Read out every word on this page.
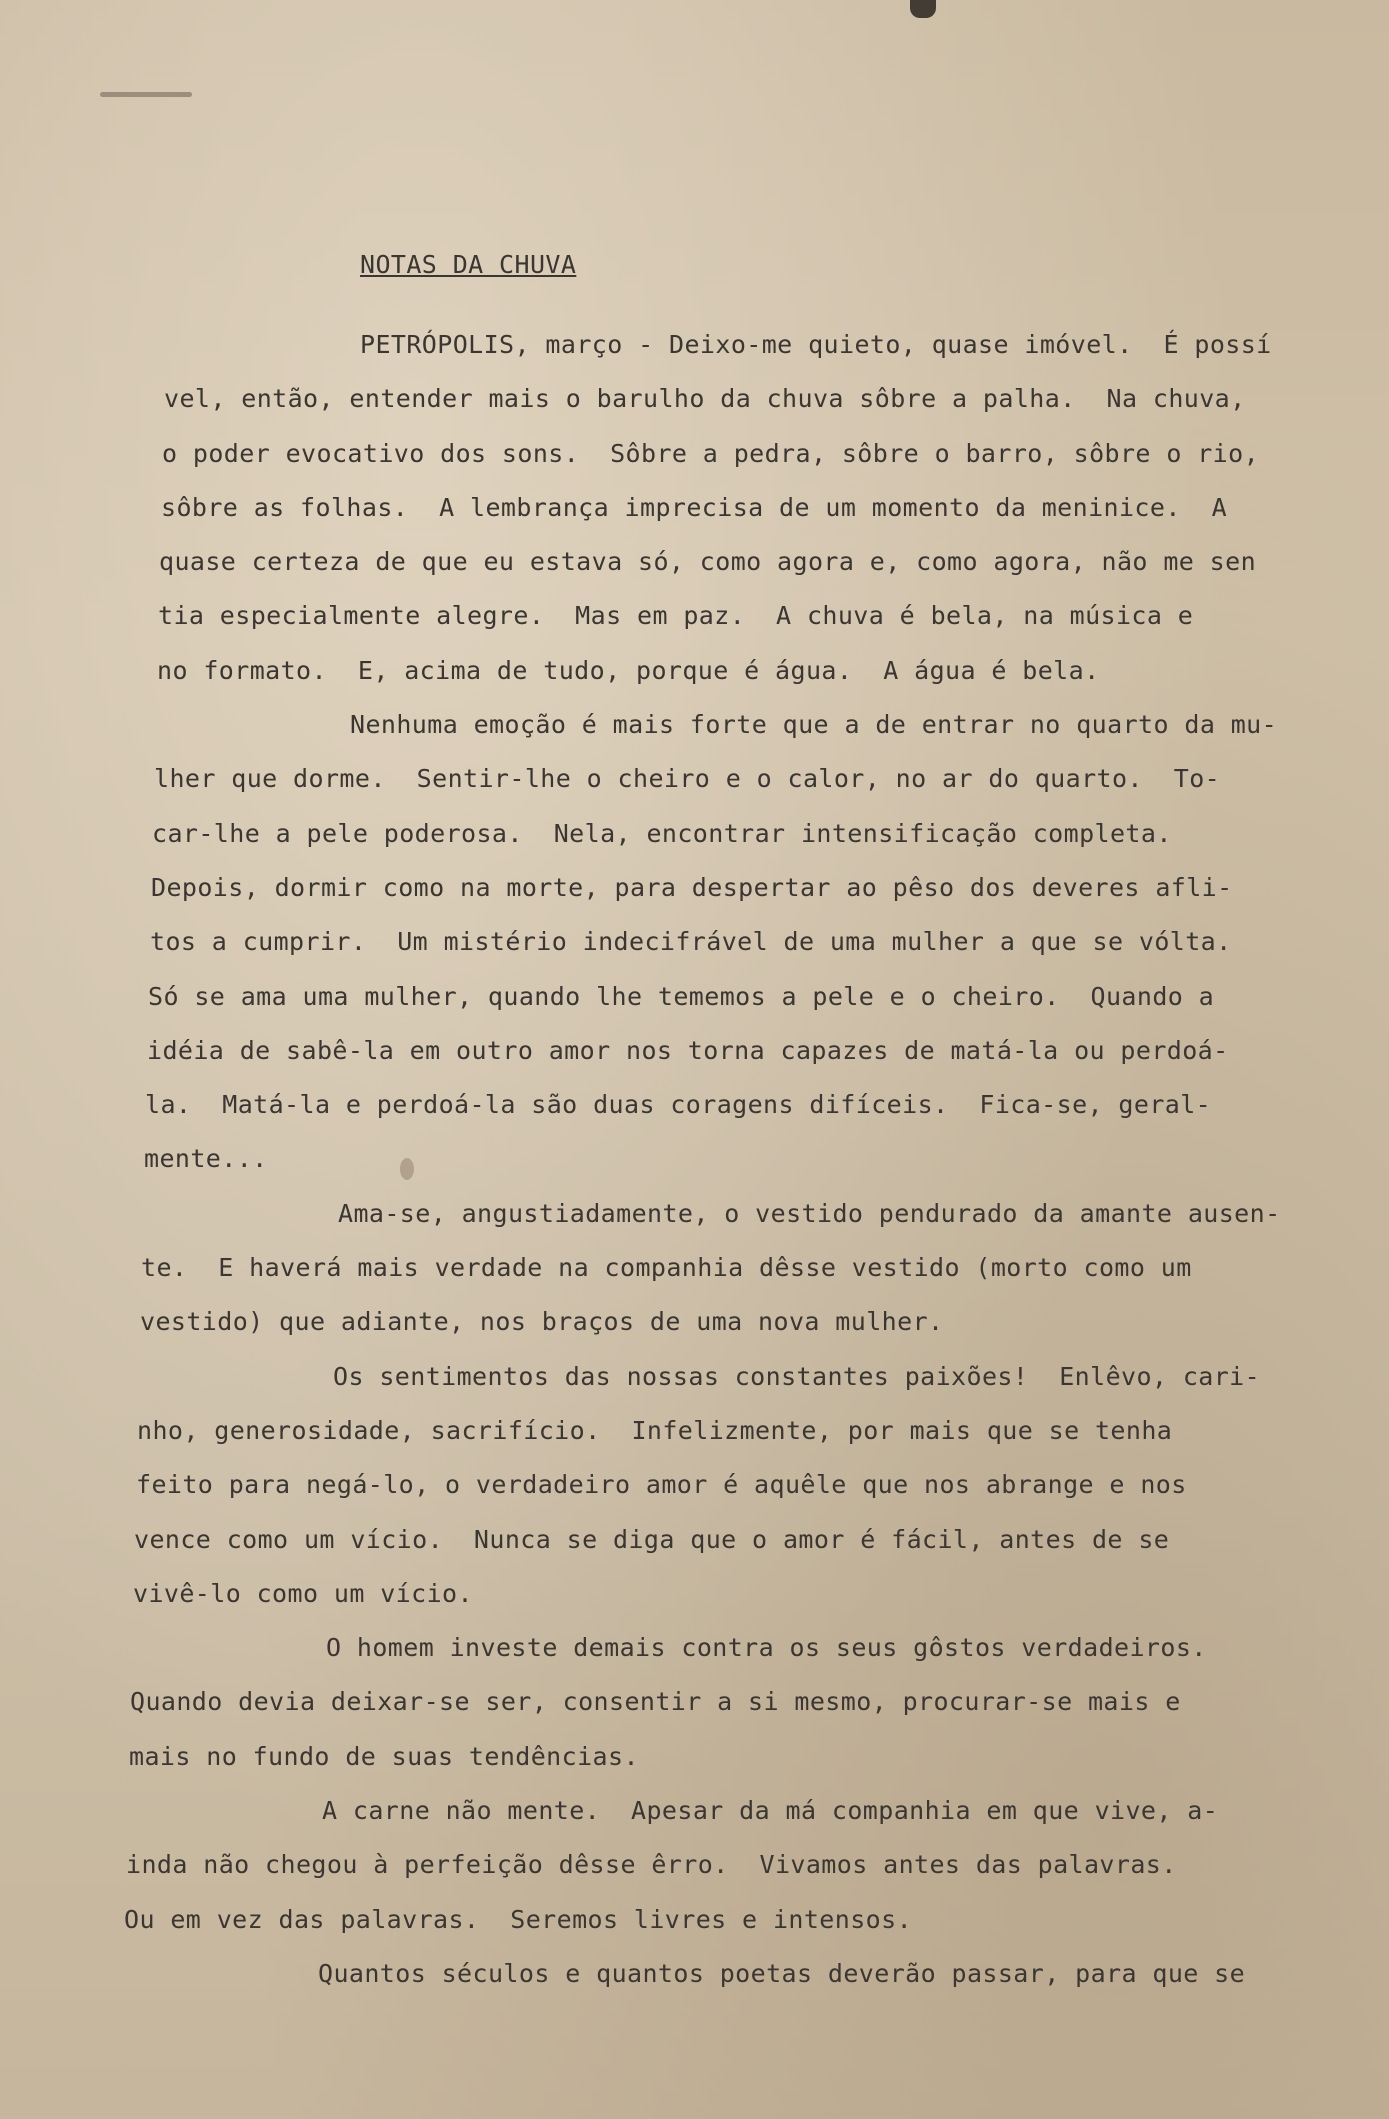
NOTAS DA CHUVA
PETRÓPOLIS, março - Deixo-me quieto, quase imóvel.  É possí
vel, então, entender mais o barulho da chuva sôbre a palha.  Na chuva,
o poder evocativo dos sons.  Sôbre a pedra, sôbre o barro, sôbre o rio,
sôbre as folhas.  A lembrança imprecisa de um momento da meninice.  A
quase certeza de que eu estava só, como agora e, como agora, não me sen
tia especialmente alegre.  Mas em paz.  A chuva é bela, na música e
no formato.  E, acima de tudo, porque é água.  A água é bela.
Nenhuma emoção é mais forte que a de entrar no quarto da mu-
lher que dorme.  Sentir-lhe o cheiro e o calor, no ar do quarto.  To-
car-lhe a pele poderosa.  Nela, encontrar intensificação completa.
Depois, dormir como na morte, para despertar ao pêso dos deveres afli-
tos a cumprir.  Um mistério indecifrável de uma mulher a que se vólta.
Só se ama uma mulher, quando lhe tememos a pele e o cheiro.  Quando a
idéia de sabê-la em outro amor nos torna capazes de matá-la ou perdoá-
la.  Matá-la e perdoá-la são duas coragens difíceis.  Fica-se, geral-
mente...
Ama-se, angustiadamente, o vestido pendurado da amante ausen-
te.  E haverá mais verdade na companhia dêsse vestido (morto como um
vestido) que adiante, nos braços de uma nova mulher.
Os sentimentos das nossas constantes paixões!  Enlêvo, cari-
nho, generosidade, sacrifício.  Infelizmente, por mais que se tenha
feito para negá-lo, o verdadeiro amor é aquêle que nos abrange e nos
vence como um vício.  Nunca se diga que o amor é fácil, antes de se
vivê-lo como um vício.
O homem investe demais contra os seus gôstos verdadeiros.
Quando devia deixar-se ser, consentir a si mesmo, procurar-se mais e
mais no fundo de suas tendências.
A carne não mente.  Apesar da má companhia em que vive, a-
inda não chegou à perfeição dêsse êrro.  Vivamos antes das palavras.
Ou em vez das palavras.  Seremos livres e intensos.
Quantos séculos e quantos poetas deverão passar, para que se
